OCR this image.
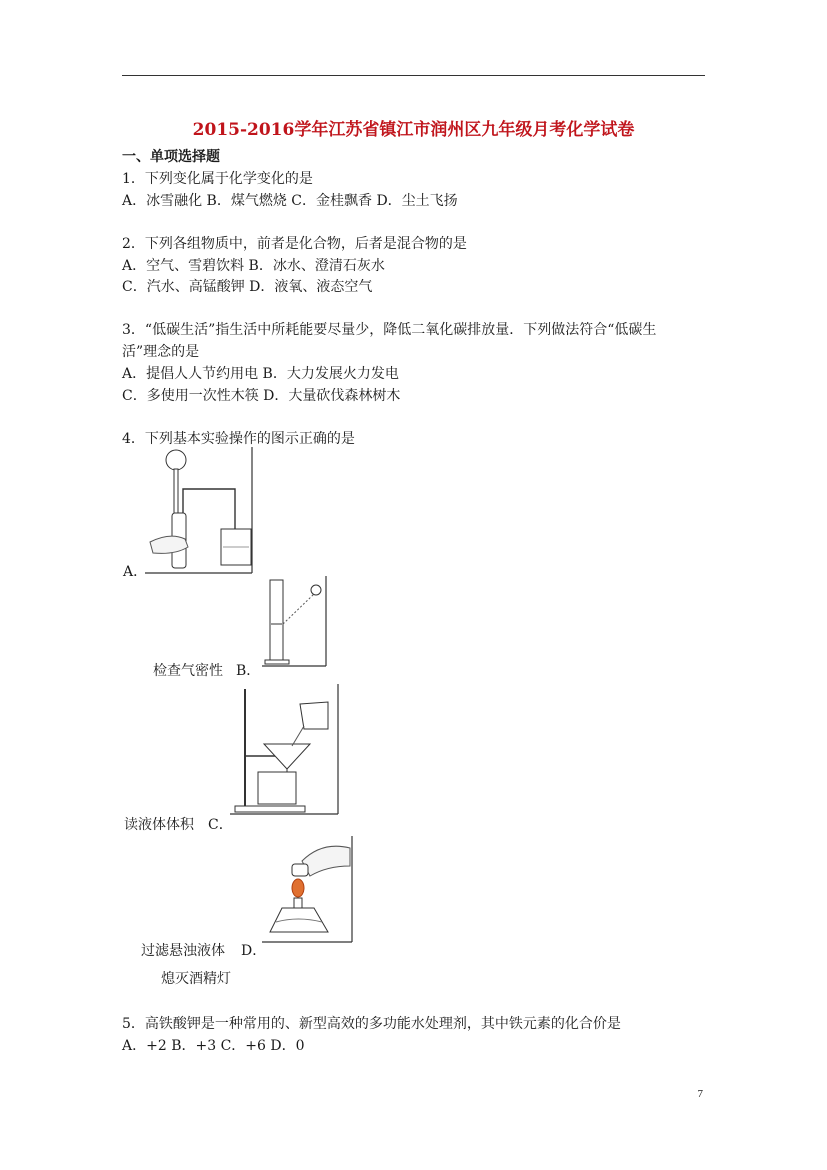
2015-2016学年江苏省镇江市润州区九年级月考化学试卷
一、单项选择题
1．下列变化属于化学变化的是
A．冰雪融化 B．煤气燃烧 C．金桂飘香 D．尘土飞扬
2．下列各组物质中，前者是化合物，后者是混合物的是
A．空气、雪碧饮料 B．冰水、澄清石灰水
C．汽水、高锰酸钾 D．液氧、液态空气
3．“低碳生活”指生活中所耗能要尽量少，降低二氧化碳排放量．下列做法符合“低碳生
活”理念的是
A．提倡人人节约用电 B．大力发展火力发电
C．多使用一次性木筷 D．大量砍伐森林树木
4．下列基本实验操作的图示正确的是
A．
检查气密性 B．
读液体体积 C．
过滤悬浊液体 D．
熄灭酒精灯
5．高铁酸钾是一种常用的、新型高效的多功能水处理剂，其中铁元素的化合价是
A．+2 B．+3 C．+6 D．0
7
